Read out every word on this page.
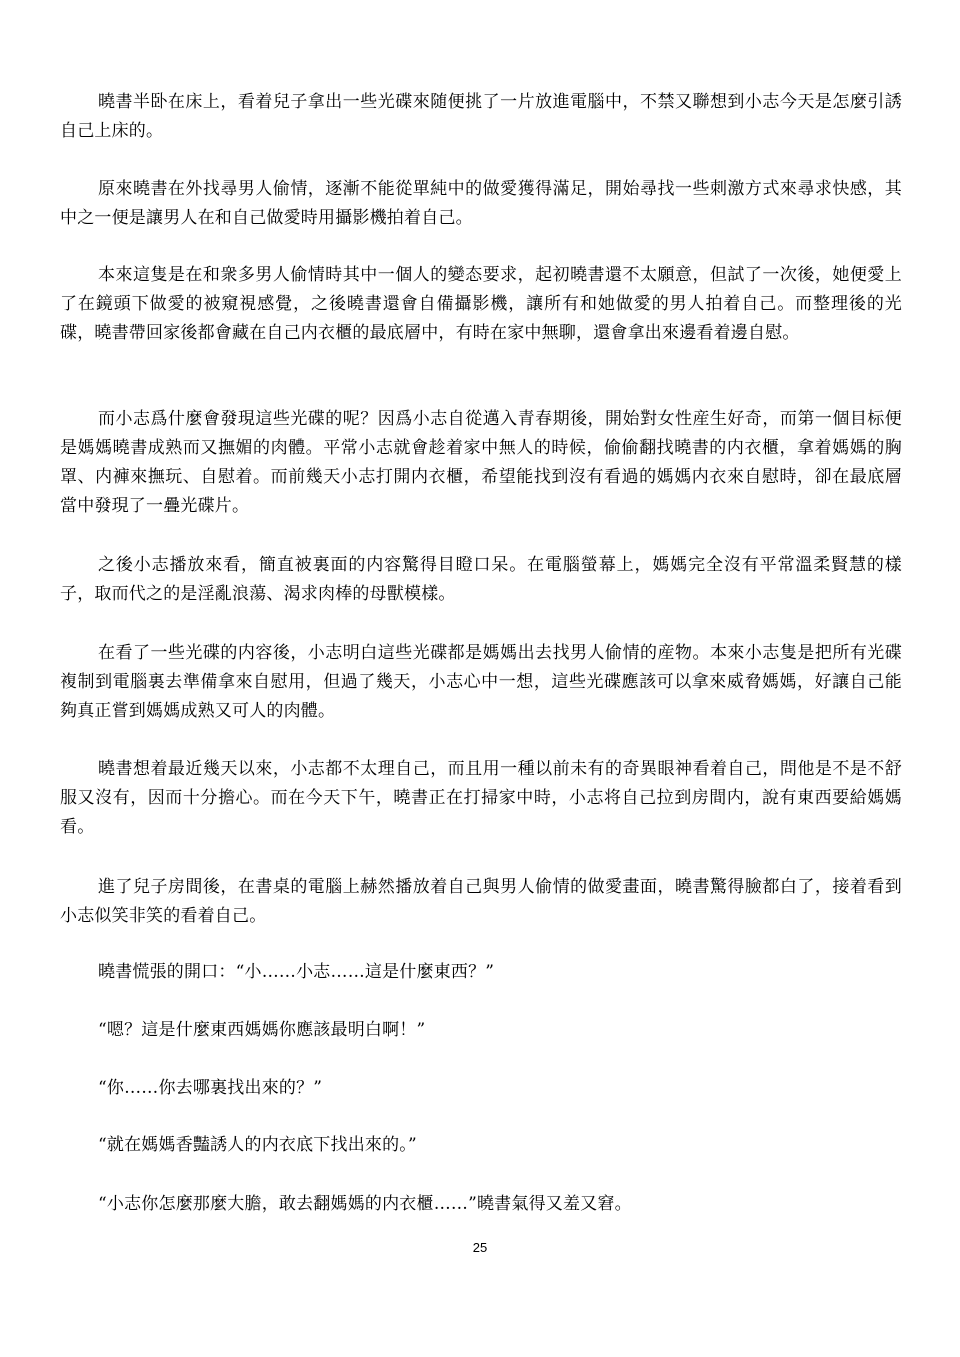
曉書半卧在床上，看着兒子拿出一些光碟來随便挑了一片放進電腦中，不禁又聯想到小志今天是怎麼引誘自己上床的。

原來曉書在外找尋男人偷情，逐漸不能從單純中的做愛獲得滿足，開始尋找一些刺激方式來尋求快感，其中之一便是讓男人在和自己做愛時用攝影機拍着自己。

本來這隻是在和衆多男人偷情時其中一個人的變态要求，起初曉書還不太願意，但試了一次後，她便愛上了在鏡頭下做愛的被窺視感覺，之後曉書還會自備攝影機，讓所有和她做愛的男人拍着自己。而整理後的光碟，曉書帶回家後都會藏在自己内衣櫃的最底層中，有時在家中無聊，還會拿出來邊看着邊自慰。

而小志爲什麼會發現這些光碟的呢？因爲小志自從邁入青春期後，開始對女性産生好奇，而第一個目标便是媽媽曉書成熟而又撫媚的肉體。平常小志就會趁着家中無人的時候，偷偷翻找曉書的内衣櫃，拿着媽媽的胸罩、内褲來撫玩、自慰着。而前幾天小志打開内衣櫃，希望能找到沒有看過的媽媽内衣來自慰時，卻在最底層當中發現了一疊光碟片。

之後小志播放來看，簡直被裏面的内容驚得目瞪口呆。在電腦螢幕上，媽媽完全沒有平常溫柔賢慧的樣子，取而代之的是淫亂浪蕩、渴求肉棒的母獸模樣。

在看了一些光碟的内容後，小志明白這些光碟都是媽媽出去找男人偷情的産物。本來小志隻是把所有光碟複制到電腦裏去準備拿來自慰用，但過了幾天，小志心中一想，這些光碟應該可以拿來威脅媽媽，好讓自己能夠真正嘗到媽媽成熟又可人的肉體。

曉書想着最近幾天以來，小志都不太理自己，而且用一種以前未有的奇異眼神看着自己，問他是不是不舒服又沒有，因而十分擔心。而在今天下午，曉書正在打掃家中時，小志将自己拉到房間内，說有東西要給媽媽看。

進了兒子房間後，在書桌的電腦上赫然播放着自己與男人偷情的做愛畫面，曉書驚得臉都白了，接着看到小志似笑非笑的看着自己。

曉書慌張的開口：“小……小志……這是什麼東西？”

“嗯？這是什麼東西媽媽你應該最明白啊！”

“你……你去哪裏找出來的？”

“就在媽媽香豔誘人的内衣底下找出來的。”

“小志你怎麼那麼大膽，敢去翻媽媽的内衣櫃……”曉書氣得又羞又窘。

25
